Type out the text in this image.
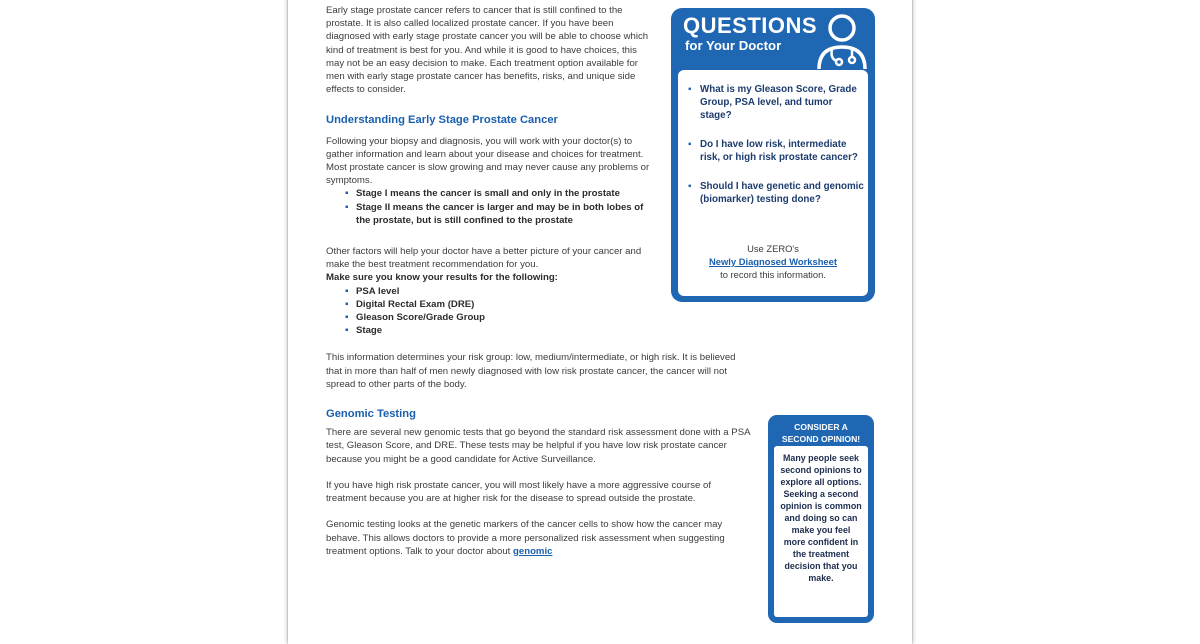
Early stage prostate cancer refers to cancer that is still confined to the prostate. It is also called localized prostate cancer. If you have been diagnosed with early stage prostate cancer you will be able to choose which kind of treatment is best for you. And while it is good to have choices, this may not be an easy decision to make. Each treatment option available for men with early stage prostate cancer has benefits, risks, and unique side effects to consider.

Understanding Early Stage Prostate Cancer

Following your biopsy and diagnosis, you will work with your doctor(s) to gather information and learn about your disease and choices for treatment. Most prostate cancer is slow growing and may never cause any problems or symptoms.

▪ Stage I means the cancer is small and only in the prostate
▪ Stage II means the cancer is larger and may be in both lobes of the prostate, but is still confined to the prostate

Other factors will help your doctor have a better picture of your cancer and make the best treatment recommendation for you.

Make sure you know your results for the following:

▪ PSA level
▪ Digital Rectal Exam (DRE)
▪ Gleason Score/Grade Group
▪ Stage

This information determines your risk group: low, medium/intermediate, or high risk. It is believed that in more than half of men newly diagnosed with low risk prostate cancer, the cancer will not spread to other parts of the body.

Genomic Testing

There are several new genomic tests that go beyond the standard risk assessment done with a PSA test, Gleason Score, and DRE. These tests may be helpful if you have low risk prostate cancer because you might be a good candidate for Active Surveillance.

If you have high risk prostate cancer, you will most likely have a more aggressive course of treatment because you are at higher risk for the disease to spread outside the prostate.

Genomic testing looks at the genetic markers of the cancer cells to show how the cancer may behave. This allows doctors to provide a more personalized risk assessment when suggesting treatment options. Talk to your doctor about genomic

QUESTIONS
for Your Doctor
▪ What is my Gleason Score, Grade Group, PSA level, and tumor stage?
▪ Do I have low risk, intermediate risk, or high risk prostate cancer?
▪ Should I have genetic and genomic (biomarker) testing done?
Use ZERO's
Newly Diagnosed Worksheet
to record this information.
CONSIDER A
SECOND OPINION!
Many people seek second opinions to explore all options. Seeking a second opinion is common and doing so can make you feel more confident in the treatment decision that you make.
